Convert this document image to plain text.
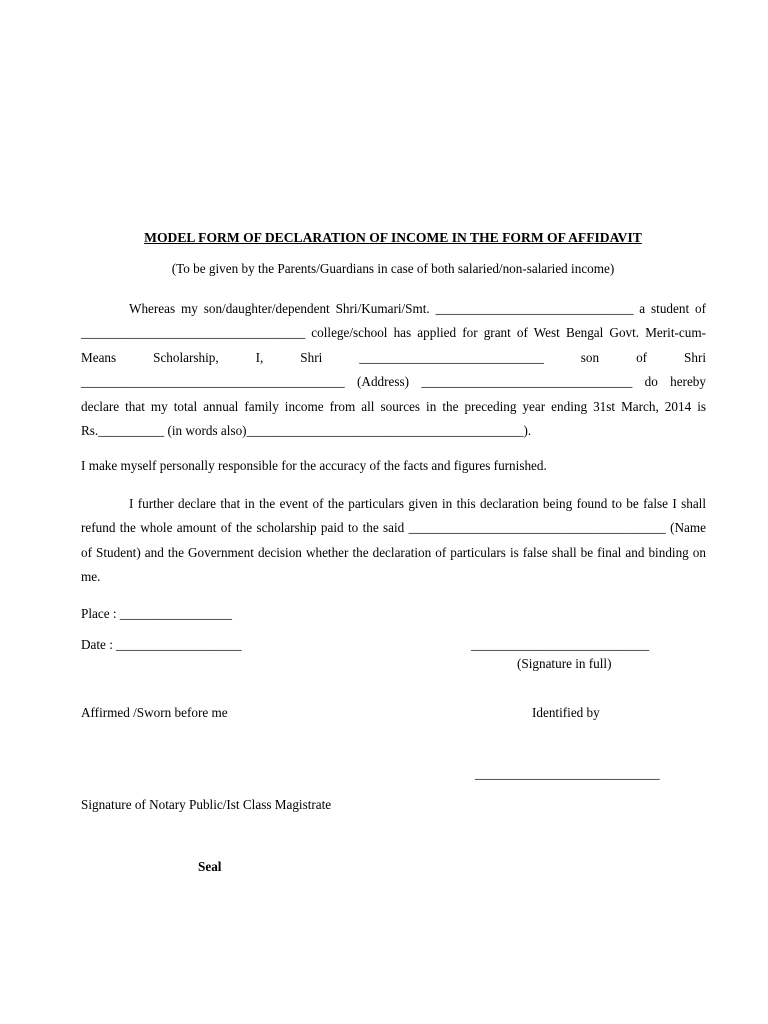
MODEL FORM OF DECLARATION OF INCOME IN THE FORM OF AFFIDAVIT
(To be given by the Parents/Guardians in case of both salaried/non-salaried income)
Whereas my son/daughter/dependent Shri/Kumari/Smt. ______________________________ a student of __________________________________ college/school has applied for grant of West Bengal Govt. Merit-cum-Means Scholarship, I, Shri ____________________________ son of Shri ________________________________________ (Address) ________________________________ do hereby declare that my total annual family income from all sources in the preceding year ending 31st March, 2014 is Rs.__________ (in words also)__________________________________________).
I make myself personally responsible for the accuracy of the facts and figures furnished.
I further declare that in the event of the particulars given in this declaration being found to be false I shall refund the whole amount of the scholarship paid to the said _______________________________________ (Name of Student) and the Government decision whether the declaration of particulars is false shall be final and binding on me.
Place : _________________
Date : ___________________	___________________________
(Signature in full)
Affirmed /Sworn before me	Identified by
____________________________
Signature of Notary Public/Ist Class Magistrate
Seal
